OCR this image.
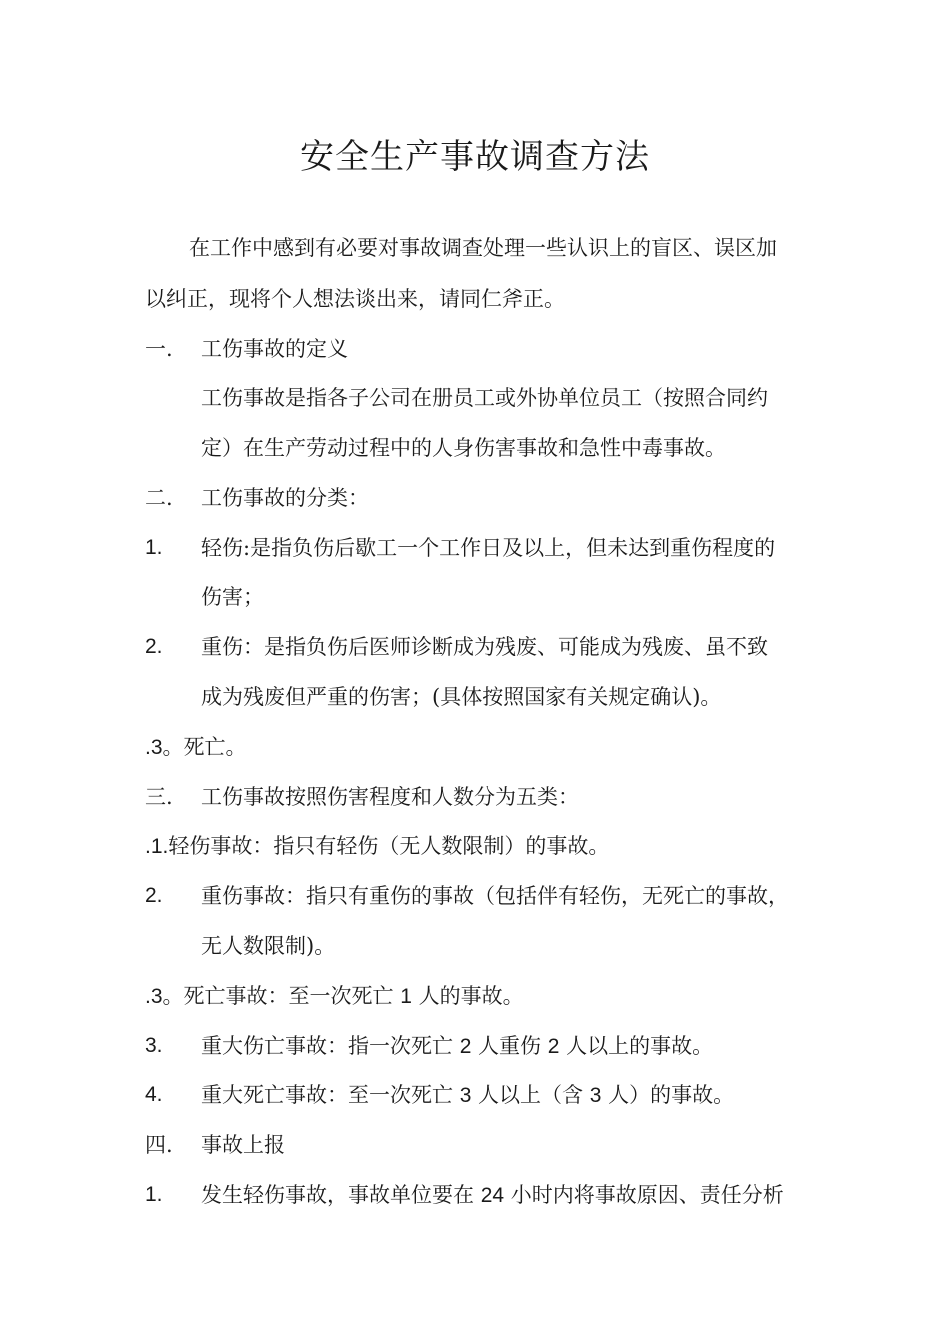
安全生产事故调查方法
在工作中感到有必要对事故调查处理一些认识上的盲区、误区加
以纠正，现将个人想法谈出来，请同仁斧正。
一. 工伤事故的定义
工伤事故是指各子公司在册员工或外协单位员工（按照合同约
定）在生产劳动过程中的人身伤害事故和急性中毒事故。
二. 工伤事故的分类：
1. 轻伤:是指负伤后歇工一个工作日及以上，但未达到重伤程度的
伤害；
2. 重伤：是指负伤后医师诊断成为残废、可能成为残废、虽不致
成为残废但严重的伤害；(具体按照国家有关规定确认)。
.3。死亡。
三. 工伤事故按照伤害程度和人数分为五类：
.1.轻伤事故：指只有轻伤（无人数限制）的事故。
2. 重伤事故：指只有重伤的事故（包括伴有轻伤，无死亡的事故，
无人数限制)。
.3。死亡事故：至一次死亡 1 人的事故。
3. 重大伤亡事故：指一次死亡 2 人重伤 2 人以上的事故。
4. 重大死亡事故：至一次死亡 3 人以上（含 3 人）的事故。
四. 事故上报
1. 发生轻伤事故，事故单位要在 24 小时内将事故原因、责任分析
